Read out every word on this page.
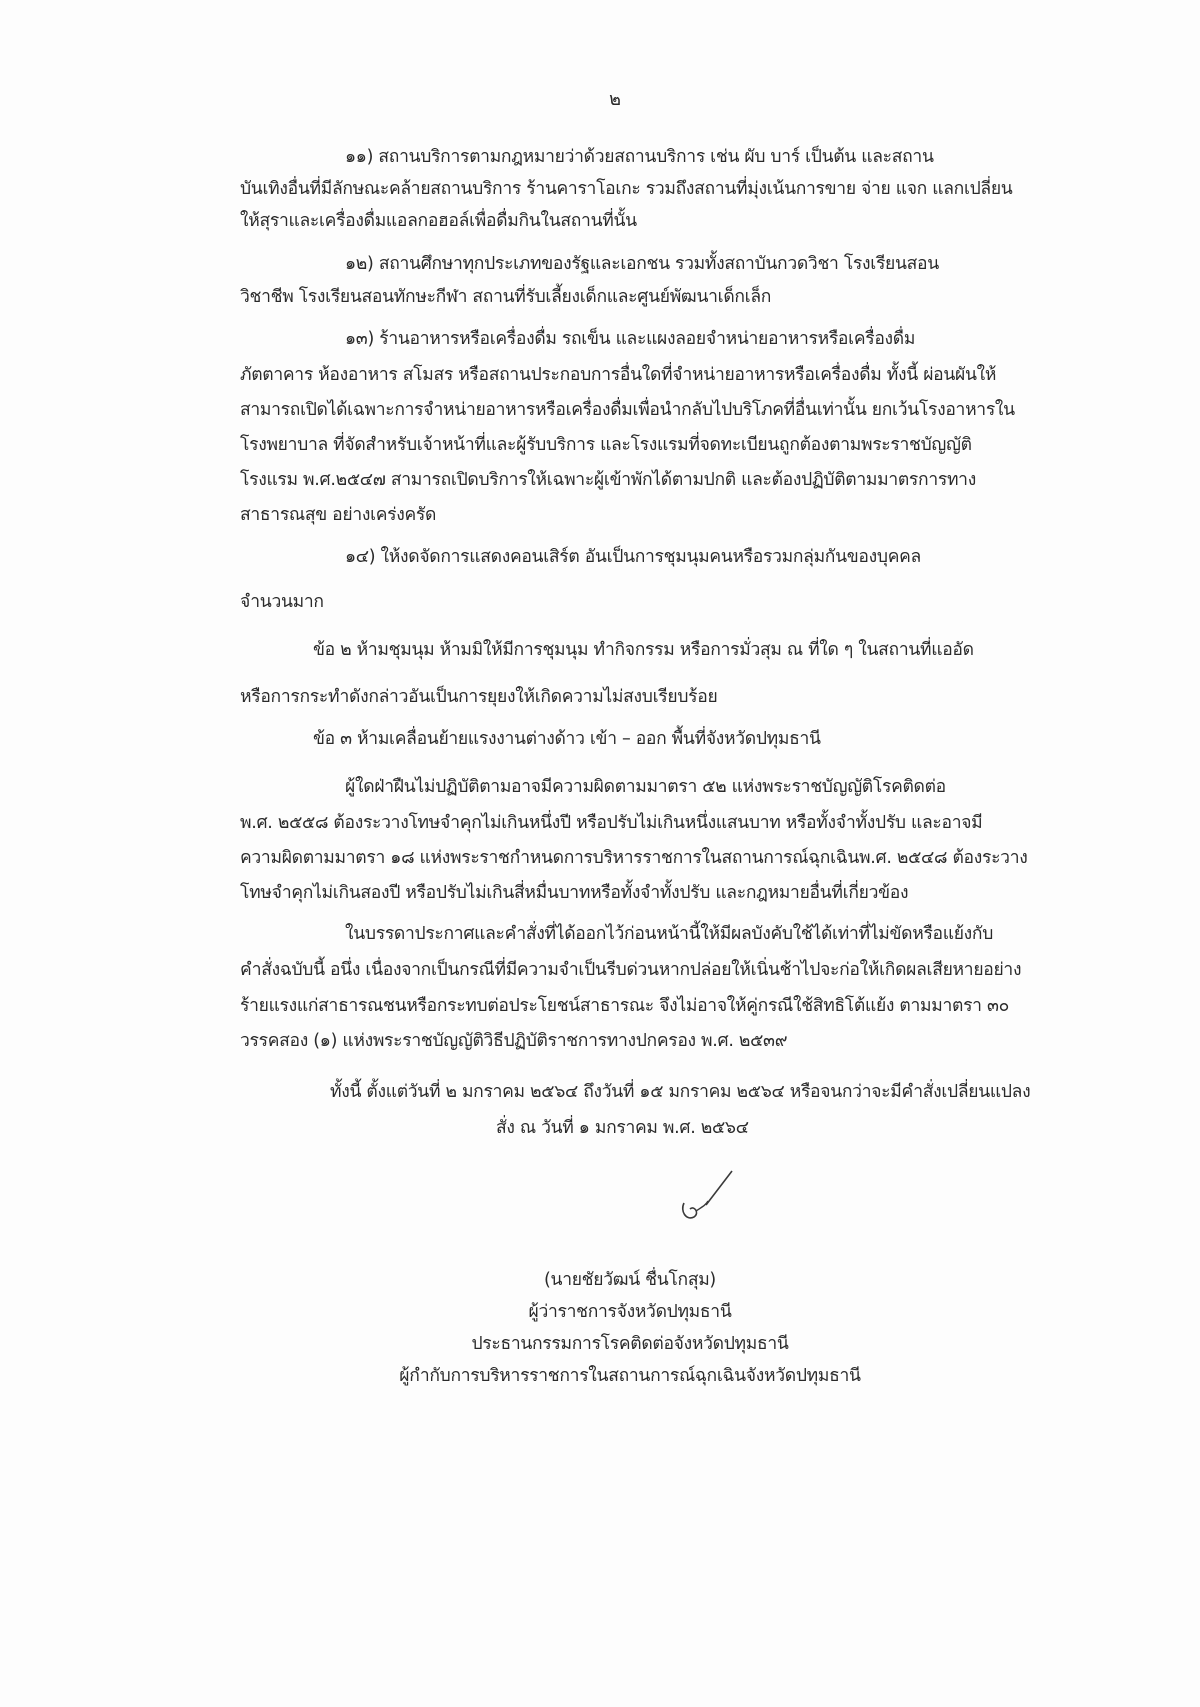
๒
๑๑) สถานบริการตามกฎหมายว่าด้วยสถานบริการ เช่น ผับ บาร์ เป็นต้น และสถาน
บันเทิงอื่นที่มีลักษณะคล้ายสถานบริการ ร้านคาราโอเกะ รวมถึงสถานที่มุ่งเน้นการขาย จ่าย แจก แลกเปลี่ยน
ให้สุราและเครื่องดื่มแอลกอฮอล์เพื่อดื่มกินในสถานที่นั้น
๑๒) สถานศึกษาทุกประเภทของรัฐและเอกชน รวมทั้งสถาบันกวดวิชา โรงเรียนสอน
วิชาชีพ โรงเรียนสอนทักษะกีฬา สถานที่รับเลี้ยงเด็กและศูนย์พัฒนาเด็กเล็ก
๑๓) ร้านอาหารหรือเครื่องดื่ม รถเข็น และแผงลอยจำหน่ายอาหารหรือเครื่องดื่ม
ภัตตาคาร ห้องอาหาร สโมสร หรือสถานประกอบการอื่นใดที่จำหน่ายอาหารหรือเครื่องดื่ม ทั้งนี้ ผ่อนผันให้
สามารถเปิดได้เฉพาะการจำหน่ายอาหารหรือเครื่องดื่มเพื่อนำกลับไปบริโภคที่อื่นเท่านั้น ยกเว้นโรงอาหารใน
โรงพยาบาล ที่จัดสำหรับเจ้าหน้าที่และผู้รับบริการ และโรงแรมที่จดทะเบียนถูกต้องตามพระราชบัญญัติ
โรงแรม พ.ศ.๒๕๔๗ สามารถเปิดบริการให้เฉพาะผู้เข้าพักได้ตามปกติ และต้องปฏิบัติตามมาตรการทาง
สาธารณสุข อย่างเคร่งครัด
๑๔) ให้งดจัดการแสดงคอนเสิร์ต อันเป็นการชุมนุมคนหรือรวมกลุ่มกันของบุคคล
จำนวนมาก
ข้อ ๒ ห้ามชุมนุม ห้ามมิให้มีการชุมนุม ทำกิจกรรม หรือการมั่วสุม ณ ที่ใด ๆ ในสถานที่แออัด
หรือการกระทำดังกล่าวอันเป็นการยุยงให้เกิดความไม่สงบเรียบร้อย
ข้อ ๓ ห้ามเคลื่อนย้ายแรงงานต่างด้าว เข้า – ออก พื้นที่จังหวัดปทุมธานี
ผู้ใดฝ่าฝืนไม่ปฏิบัติตามอาจมีความผิดตามมาตรา ๕๒ แห่งพระราชบัญญัติโรคติดต่อ
พ.ศ. ๒๕๕๘ ต้องระวางโทษจำคุกไม่เกินหนึ่งปี หรือปรับไม่เกินหนึ่งแสนบาท หรือทั้งจำทั้งปรับ และอาจมี
ความผิดตามมาตรา ๑๘ แห่งพระราชกำหนดการบริหารราชการในสถานการณ์ฉุกเฉินพ.ศ. ๒๕๔๘ ต้องระวาง
โทษจำคุกไม่เกินสองปี หรือปรับไม่เกินสี่หมื่นบาทหรือทั้งจำทั้งปรับ และกฎหมายอื่นที่เกี่ยวข้อง
ในบรรดาประกาศและคำสั่งที่ได้ออกไว้ก่อนหน้านี้ให้มีผลบังคับใช้ได้เท่าที่ไม่ขัดหรือแย้งกับ
คำสั่งฉบับนี้ อนึ่ง เนื่องจากเป็นกรณีที่มีความจำเป็นรีบด่วนหากปล่อยให้เนิ่นช้าไปจะก่อให้เกิดผลเสียหายอย่าง
ร้ายแรงแก่สาธารณชนหรือกระทบต่อประโยชน์สาธารณะ จึงไม่อาจให้คู่กรณีใช้สิทธิโต้แย้ง ตามมาตรา ๓๐
วรรคสอง (๑) แห่งพระราชบัญญัติวิธีปฏิบัติราชการทางปกครอง พ.ศ. ๒๕๓๙
ทั้งนี้ ตั้งแต่วันที่ ๒ มกราคม ๒๕๖๔ ถึงวันที่ ๑๕ มกราคม ๒๕๖๔ หรือจนกว่าจะมีคำสั่งเปลี่ยนแปลง
สั่ง ณ วันที่ ๑ มกราคม พ.ศ. ๒๕๖๔
(นายชัยวัฒน์ ชื่นโกสุม)
ผู้ว่าราชการจังหวัดปทุมธานี
ประธานกรรมการโรคติดต่อจังหวัดปทุมธานี
ผู้กำกับการบริหารราชการในสถานการณ์ฉุกเฉินจังหวัดปทุมธานี
